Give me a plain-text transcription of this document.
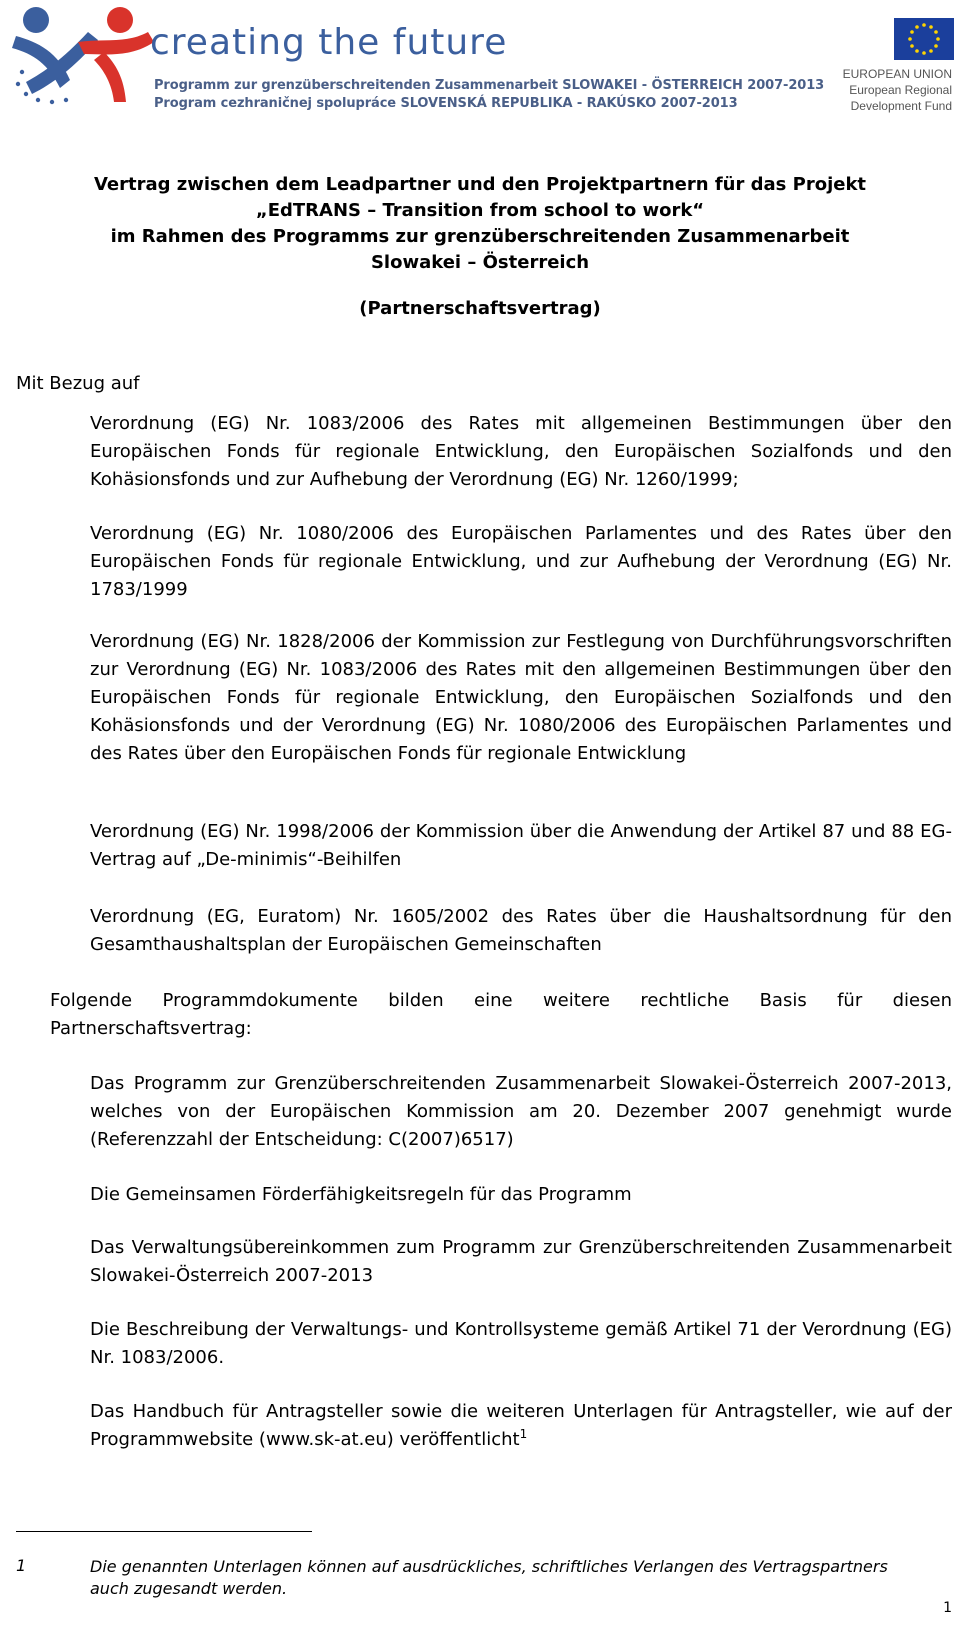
creating the future
Programm zur grenzüberschreitenden Zusammenarbeit SLOWAKEI - ÖSTERREICH 2007-2013
Program cezhraničnej spolupráce SLOVENSKÁ REPUBLIKA - RAKÚSKO 2007-2013
EUROPEAN UNION
European Regional
Development Fund
Vertrag zwischen dem Leadpartner und den Projektpartnern für das Projekt
„EdTRANS – Transition from school to work“
im Rahmen des Programms zur grenzüberschreitenden Zusammenarbeit
Slowakei – Österreich
(Partnerschaftsvertrag)
Mit Bezug auf
Verordnung (EG) Nr. 1083/2006 des Rates mit allgemeinen Bestimmungen über den Europäischen Fonds für regionale Entwicklung, den Europäischen Sozialfonds und den Kohäsionsfonds und zur Aufhebung der Verordnung (EG) Nr. 1260/1999;
Verordnung (EG) Nr. 1080/2006 des Europäischen Parlamentes und des Rates über den Europäischen Fonds für regionale Entwicklung, und zur Aufhebung der Verordnung (EG) Nr. 1783/1999
Verordnung (EG) Nr. 1828/2006 der Kommission zur Festlegung von Durchführungsvorschriften zur Verordnung (EG) Nr. 1083/2006 des Rates mit den allgemeinen Bestimmungen über den Europäischen Fonds für regionale Entwicklung, den Europäischen Sozialfonds und den Kohäsionsfonds und der Verordnung (EG) Nr. 1080/2006 des Europäischen Parlamentes und des Rates über den Europäischen Fonds für regionale Entwicklung
Verordnung (EG) Nr. 1998/2006 der Kommission über die Anwendung der Artikel 87 und 88 EG-Vertrag auf „De-minimis“-Beihilfen
Verordnung (EG, Euratom) Nr. 1605/2002 des Rates über die Haushaltsordnung für den Gesamthaushaltsplan der Europäischen Gemeinschaften
Folgende Programmdokumente bilden eine weitere rechtliche Basis für diesen Partnerschaftsvertrag:
Das Programm zur Grenzüberschreitenden Zusammenarbeit Slowakei-Österreich 2007-2013, welches von der Europäischen Kommission am 20. Dezember 2007 genehmigt wurde (Referenzzahl der Entscheidung: C(2007)6517)
Die Gemeinsamen Förderfähigkeitsregeln für das Programm
Das Verwaltungsübereinkommen zum Programm zur Grenzüberschreitenden Zusammenarbeit Slowakei-Österreich 2007-2013
Die Beschreibung der Verwaltungs- und Kontrollsysteme gemäß Artikel 71 der Verordnung (EG) Nr. 1083/2006.
Das Handbuch für Antragsteller sowie die weiteren Unterlagen für Antragsteller, wie auf der Programmwebsite (www.sk-at.eu) veröffentlicht$^1$
1	Die genannten Unterlagen können auf ausdrückliches, schriftliches Verlangen des Vertragspartners auch zugesandt werden.
1
